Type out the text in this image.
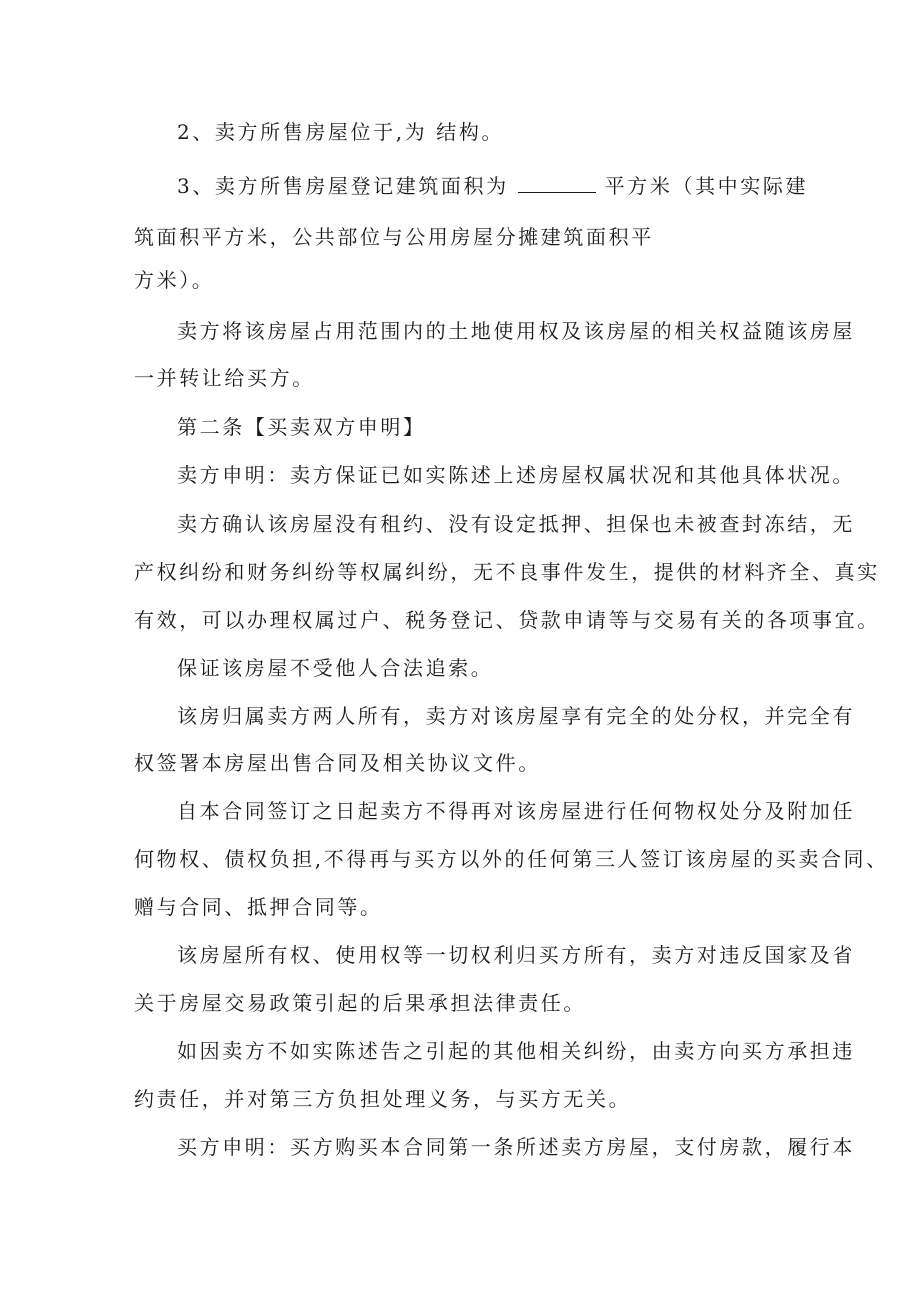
2、卖方所售房屋位于,为 结构。
3、卖方所售房屋登记建筑面积为	平方米（其中实际建
筑面积平方米，公共部位与公用房屋分摊建筑面积平
方米）。
卖方将该房屋占用范围内的土地使用权及该房屋的相关权益随该房屋
一并转让给买方。
第二条【买卖双方申明】
卖方申明：卖方保证已如实陈述上述房屋权属状况和其他具体状况。
卖方确认该房屋没有租约、没有设定抵押、担保也未被查封冻结，无
产权纠纷和财务纠纷等权属纠纷，无不良事件发生，提供的材料齐全、真实
有效，可以办理权属过户、税务登记、贷款申请等与交易有关的各项事宜。
保证该房屋不受他人合法追索。
该房归属卖方两人所有，卖方对该房屋享有完全的处分权，并完全有
权签署本房屋出售合同及相关协议文件。
自本合同签订之日起卖方不得再对该房屋进行任何物权处分及附加任
何物权、债权负担,不得再与买方以外的任何第三人签订该房屋的买卖合同、
赠与合同、抵押合同等。
该房屋所有权、使用权等一切权利归买方所有，卖方对违反国家及省
关于房屋交易政策引起的后果承担法律责任。
如因卖方不如实陈述告之引起的其他相关纠纷，由卖方向买方承担违
约责任，并对第三方负担处理义务，与买方无关。
买方申明：买方购买本合同第一条所述卖方房屋，支付房款，履行本
